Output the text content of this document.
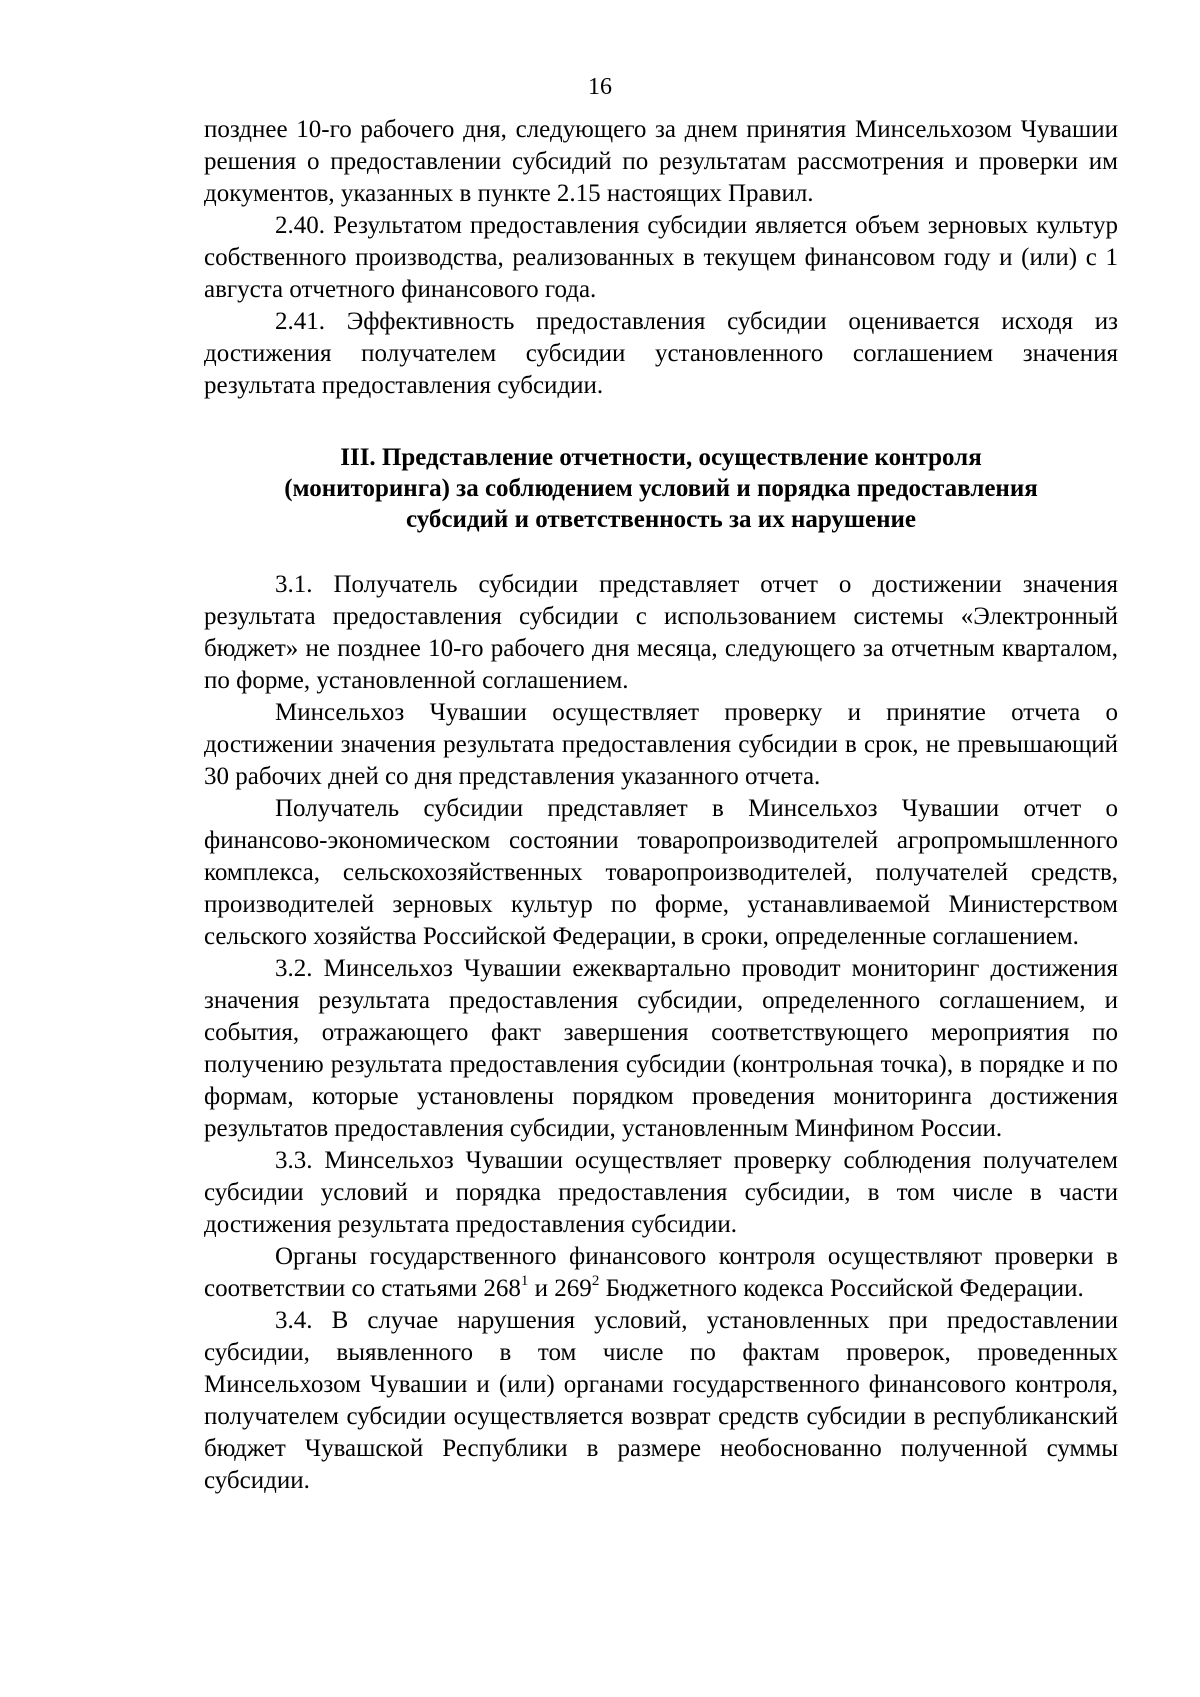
16

позднее 10-го рабочего дня, следующего за днем принятия Минсельхозом Чувашии решения о предоставлении субсидий по результатам рассмотрения и проверки им документов, указанных в пункте 2.15 настоящих Правил.

2.40. Результатом предоставления субсидии является объем зерновых культур собственного производства, реализованных в текущем финансовом году и (или) с 1 августа отчетного финансового года.

2.41. Эффективность предоставления субсидии оценивается исходя из достижения получателем субсидии установленного соглашением значения результата предоставления субсидии.

III. Представление отчетности, осуществление контроля
(мониторинга) за соблюдением условий и порядка предоставления
субсидий и ответственность за их нарушение

3.1. Получатель субсидии представляет отчет о достижении значения результата предоставления субсидии с использованием системы «Электронный бюджет» не позднее 10-го рабочего дня месяца, следующего за отчетным кварталом, по форме, установленной соглашением.

Минсельхоз Чувашии осуществляет проверку и принятие отчета о достижении значения результата предоставления субсидии в срок, не превышающий 30 рабочих дней со дня представления указанного отчета.

Получатель субсидии представляет в Минсельхоз Чувашии отчет о финансово-экономическом состоянии товаропроизводителей агропромышленного комплекса, сельскохозяйственных товаропроизводителей, получателей средств, производителей зерновых культур по форме, устанавливаемой Министерством сельского хозяйства Российской Федерации, в сроки, определенные соглашением.

3.2. Минсельхоз Чувашии ежеквартально проводит мониторинг достижения значения результата предоставления субсидии, определенного соглашением, и события, отражающего факт завершения соответствующего мероприятия по получению результата предоставления субсидии (контрольная точка), в порядке и по формам, которые установлены порядком проведения мониторинга достижения результатов предоставления субсидии, установленным Минфином России.

3.3. Минсельхоз Чувашии осуществляет проверку соблюдения получателем субсидии условий и порядка предоставления субсидии, в том числе в части достижения результата предоставления субсидии.

Органы государственного финансового контроля осуществляют проверки в соответствии со статьями $268^1$ и $269^2$ Бюджетного кодекса Российской Федерации.

3.4. В случае нарушения условий, установленных при предоставлении субсидии, выявленного в том числе по фактам проверок, проведенных Минсельхозом Чувашии и (или) органами государственного финансового контроля, получателем субсидии осуществляется возврат средств субсидии в республиканский бюджет Чувашской Республики в размере необоснованно полученной суммы субсидии.
